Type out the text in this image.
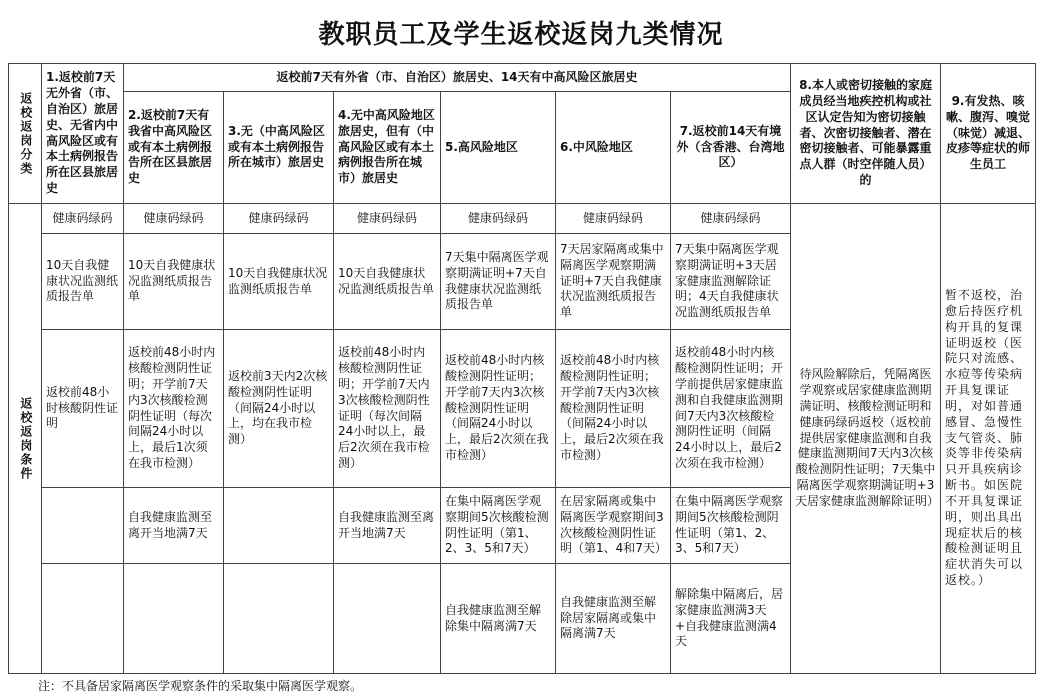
教职员工及学生返校返岗九类情况
返校返岗分类	1.返校前7天无外省（市、自治区）旅居史、无省内中高风险区或有本土病例报告所在区县旅居史	返校前7天有外省（市、自治区）旅居史、14天有中高风险区旅居史						8.本人或密切接触的家庭成员经当地疾控机构或社区认定告知为密切接触者、次密切接触者、潜在密切接触者、可能暴露重点人群（时空伴随人员）的	9.有发热、咳嗽、腹泻、嗅觉（味觉）减退、皮疹等症状的师生员工
		2.返校前7天有我省中高风险区或有本土病例报告所在区县旅居史	3.无（中高风险区或有本土病例报告所在城市）旅居史	4.无中高风险地区旅居史，但有（中高风险区或有本土病例报告所在城市）旅居史	5.高风险地区	6.中风险地区	7.返校前14天有境外（含香港、台湾地区）		
返校返岗条件	健康码绿码	健康码绿码	健康码绿码	健康码绿码	健康码绿码	健康码绿码	健康码绿码	待风险解除后，凭隔离医学观察或居家健康监测期满证明、核酸检测证明和健康码绿码返校（返校前提供居家健康监测和自我健康监测期间7天内3次核酸检测阴性证明；7天集中隔离医学观察期满证明+3天居家健康监测解除证明）	暂不返校，治愈后持医疗机构开具的复课证明返校（医院只对流感、水痘等传染病开具复课证明，对如普通感冒、急慢性支气管炎、肺炎等非传染病只开具疾病诊断书。如医院不开具复课证明，则出具出现症状后的核酸检测证明且症状消失可以返校。）
	10天自我健康状况监测纸质报告单	10天自我健康状况监测纸质报告单	10天自我健康状况监测纸质报告单	10天自我健康状况监测纸质报告单	7天集中隔离医学观察期满证明+7天自我健康状况监测纸质报告单	7天居家隔离或集中隔离医学观察期满证明+7天自我健康状况监测纸质报告单	7天集中隔离医学观察期满证明+3天居家健康监测解除证明；4天自我健康状况监测纸质报告单		
	返校前48小时核酸阴性证明	返校前48小时内核酸检测阴性证明；开学前7天内3次核酸检测阴性证明（每次间隔24小时以上，最后1次须在我市检测）	返校前3天内2次核酸检测阴性证明（间隔24小时以上，均在我市检测）	返校前48小时内核酸检测阴性证明；开学前7天内3次核酸检测阴性证明（每次间隔24小时以上，最后2次须在我市检测）	返校前48小时内核酸检测阴性证明；开学前7天内3次核酸检测阴性证明（间隔24小时以上，最后2次须在我市检测）	返校前48小时内核酸检测阴性证明；开学前7天内3次核酸检测阴性证明（间隔24小时以上，最后2次须在我市检测）	返校前48小时内核酸检测阴性证明；开学前提供居家健康监测和自我健康监测期间7天内3次核酸检测阴性证明（间隔24小时以上，最后2次须在我市检测）		
		自我健康监测至离开当地满7天		自我健康监测至离开当地满7天	在集中隔离医学观察期间5次核酸检测阴性证明（第1、2、3、5和7天）	在居家隔离或集中隔离医学观察期间3次核酸检测阴性证明（第1、4和7天）	在集中隔离医学观察期间5次核酸检测阴性证明（第1、2、3、5和7天）		
					自我健康监测至解除集中隔离满7天	自我健康监测至解除居家隔离或集中隔离满7天	解除集中隔离后，居家健康监测满3天+自我健康监测满4天		
注：不具备居家隔离医学观察条件的采取集中隔离医学观察。
